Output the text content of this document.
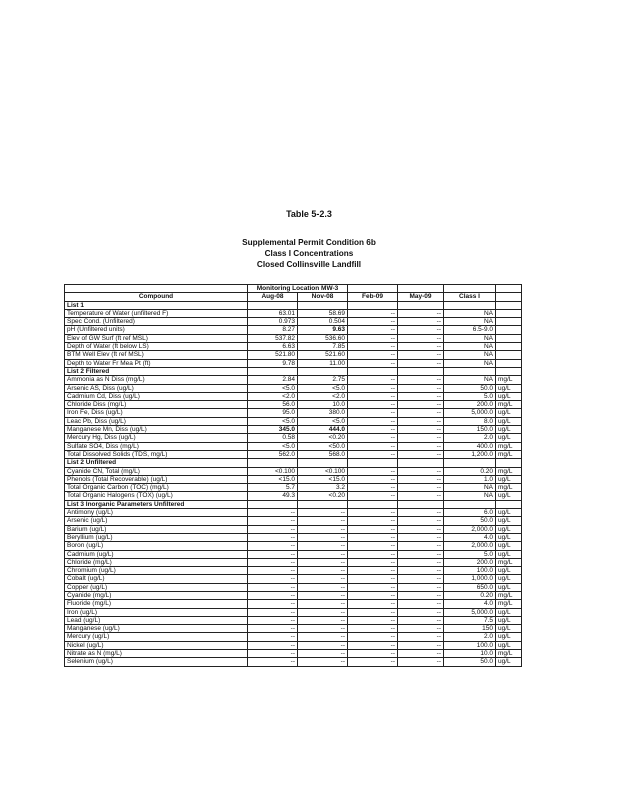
Table 5-2.3
Supplemental Permit Condition 6b
Class I Concentrations
Closed Collinsville Landfill
	Monitoring Location MW-3					
Compound	Aug-08	Nov-08	Feb-09	May-09	Class I	
List 1						
Temperature of Water (unfiltered F)	63.01	58.69	--	--	NA	
Spec Cond. (Unfiltered)	0.973	0.504	--	--	NA	
pH (Unfiltered units)	8.27	9.63	--	--	6.5-9.0	
Elev of GW Surf (ft ref MSL)	537.82	536.60	--	--	NA	
Depth of Water (ft below LS)	6.63	7.85	--	--	NA	
BTM Well Elev (ft ref MSL)	521.80	521.60	--	--	NA	
Depth to Water Fr Mea Pt (ft)	9.78	11.00	--	--	NA	
List 2 Filtered						
Ammonia as N Diss (mg/L)	2.84	2.75	--	--	NA	mg/L
Arsenic AS, Diss (ug/L)	<5.0	<5.0	--	--	50.0	ug/L
Cadmium Cd, Diss (ug/L)	<2.0	<2.0	--	--	5.0	ug/L
Chloride Diss (mg/L)	56.0	10.0	--	--	200.0	mg/L
Iron Fe, Diss (ug/L)	95.0	380.0	--	--	5,000.0	ug/L
Leac Pb, Diss (ug/L)	<5.0	<5.0	--	--	8.0	ug/L
Manganese Mn, Diss (ug/L)	345.0	444.0	--	--	150.0	ug/L
Mercury Hg, Diss (ug/L)	0.58	<0.20	--	--	2.0	ug/L
Sulfate SO4, Diss (mg/L)	<5.0	<50.0	--	--	400.0	mg/L
Total Dissolved Solids (TDS, mg/L)	562.0	568.0	--	--	1,200.0	mg/L
List 2 Unfiltered						
Cyanide CN, Total (mg/L)	<0.100	<0.100	--	--	0.20	mg/L
Phenols (Total Recoverable) (ug/L)	<15.0	<15.0	--	--	1.0	ug/L
Total Organic Carbon (TOC) (mg/L)	5.7	3.2	--	--	NA	mg/L
Total Organic Halogens (TOX) (ug/L)	49.3	<0.20	--	--	NA	ug/L
List 3 Inorganic Parameters Unfiltered						
Antimony (ug/L)	--	--	--	--	6.0	ug/L
Arsenic (ug/L)	--	--	--	--	50.0	ug/L
Barium (ug/L)	--	--	--	--	2,000.0	ug/L
Beryllium (ug/L)	--	--	--	--	4.0	ug/L
Boron (ug/L)	--	--	--	--	2,000.0	ug/L
Cadmium (ug/L)	--	--	--	--	5.0	ug/L
Chloride (mg/L)	--	--	--	--	200.0	mg/L
Chromium (ug/L)	--	--	--	--	100.0	ug/L
Cobalt (ug/L)	--	--	--	--	1,000.0	ug/L
Copper (ug/L)	--	--	--	--	650.0	ug/L
Cyanide (mg/L)	--	--	--	--	0.20	mg/L
Fluoride (mg/L)	--	--	--	--	4.0	mg/L
Iron (ug/L)	--	--	--	--	5,000.0	ug/L
Lead (ug/L)	--	--	--	--	7.5	ug/L
Manganese (ug/L)	--	--	--	--	150	ug/L
Mercury (ug/L)	--	--	--	--	2.0	ug/L
Nickel (ug/L)	--	--	--	--	100.0	ug/L
Nitrate as N (mg/L)	--	--	--	--	10.0	mg/L
Selenium (ug/L)	--	--	--	--	50.0	ug/L
